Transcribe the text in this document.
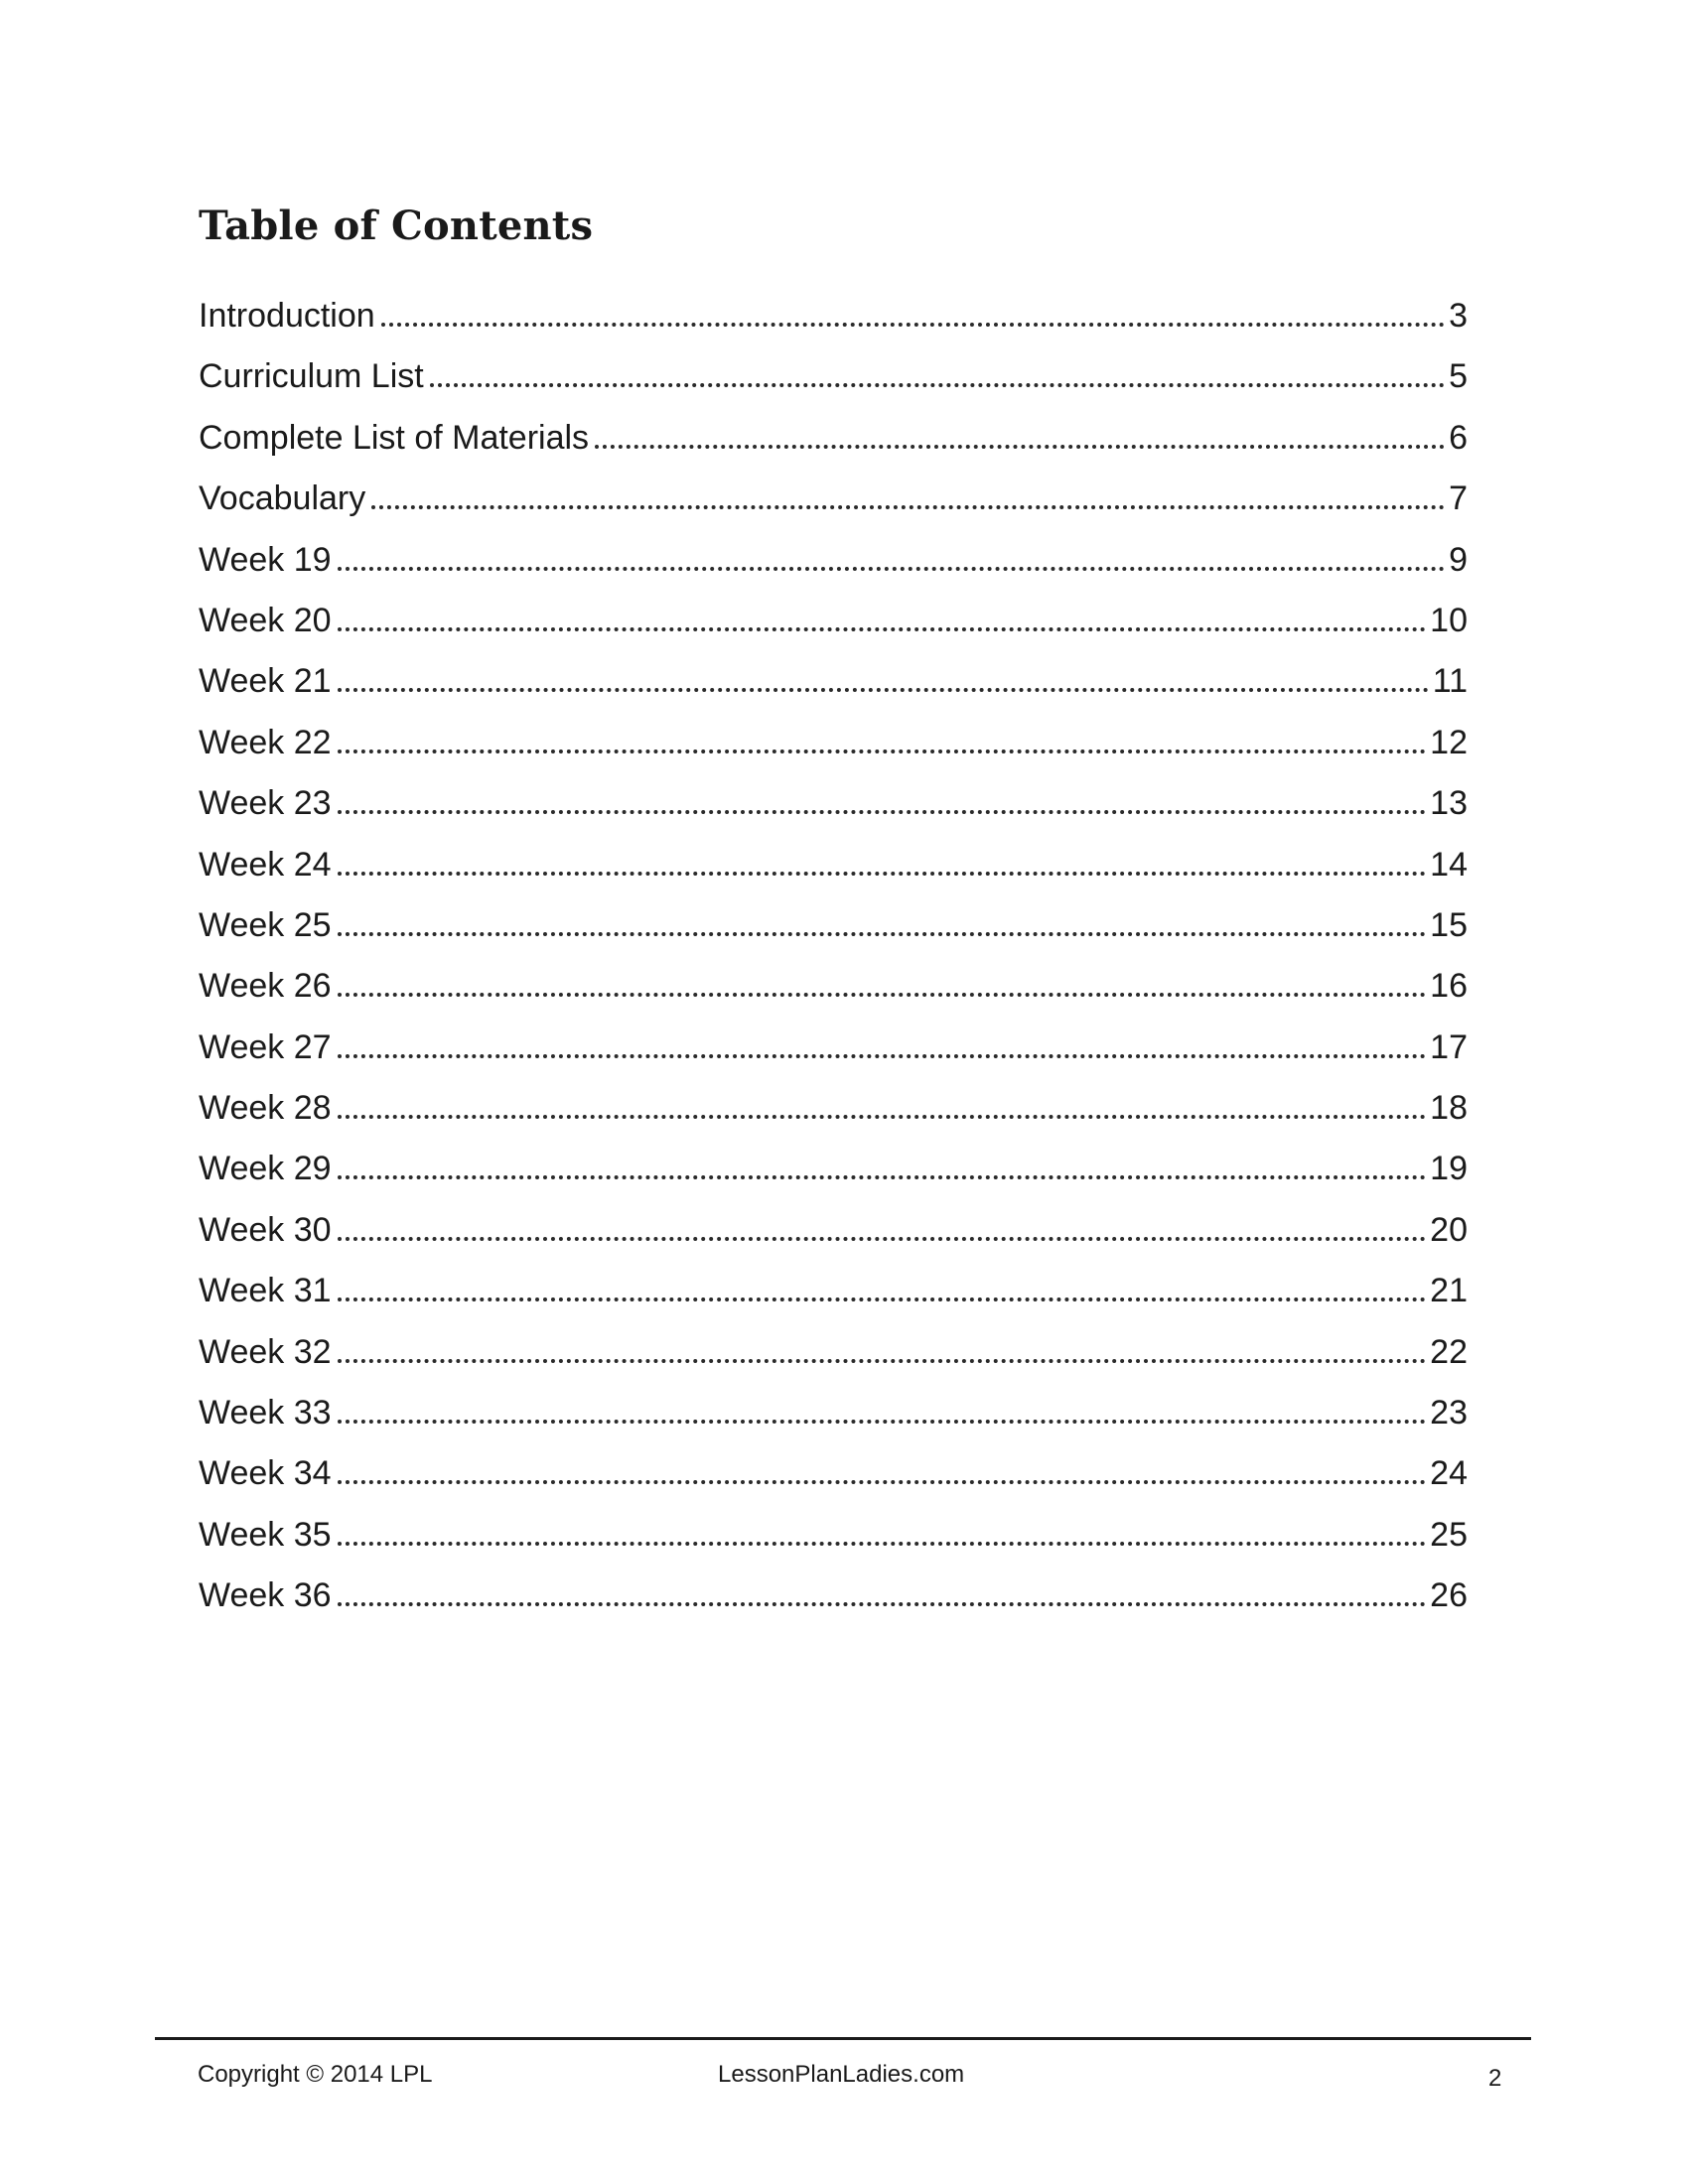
Table of Contents
Introduction	3
Curriculum List	5
Complete List of Materials	6
Vocabulary	7
Week 19	9
Week 20	10
Week 21	11
Week 22	12
Week 23	13
Week 24	14
Week 25	15
Week 26	16
Week 27	17
Week 28	18
Week 29	19
Week 30	20
Week 31	21
Week 32	22
Week 33	23
Week 34	24
Week 35	25
Week 36	26
Copyright © 2014 LPL	LessonPlanLadies.com	2
